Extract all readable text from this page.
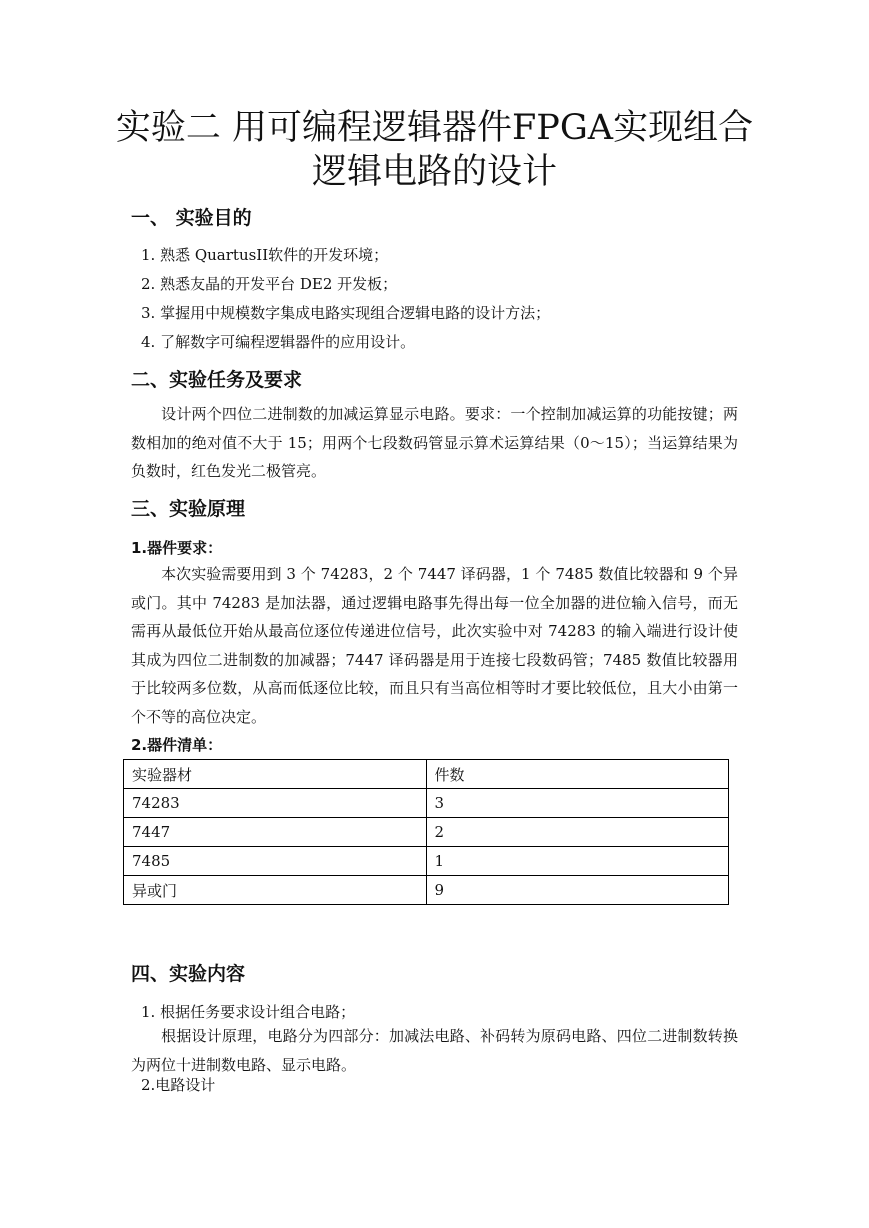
实验二 用可编程逻辑器件FPGA实现组合
逻辑电路的设计
一、 实验目的
1. 熟悉 QuartusII软件的开发环境；
2. 熟悉友晶的开发平台 DE2 开发板；
3. 掌握用中规模数字集成电路实现组合逻辑电路的设计方法；
4. 了解数字可编程逻辑器件的应用设计。
二、实验任务及要求
设计两个四位二进制数的加减运算显示电路。要求：一个控制加减运算的功能按键；两数相加的绝对值不大于 15；用两个七段数码管显示算术运算结果（0～15）；当运算结果为负数时，红色发光二极管亮。
三、实验原理
1.器件要求：
本次实验需要用到 3 个 74283，2 个 7447 译码器，1 个 7485 数值比较器和 9 个异或门。其中 74283 是加法器，通过逻辑电路事先得出每一位全加器的进位输入信号，而无需再从最低位开始从最高位逐位传递进位信号，此次实验中对 74283 的输入端进行设计使其成为四位二进制数的加减器；7447 译码器是用于连接七段数码管；7485 数值比较器用于比较两多位数，从高而低逐位比较，而且只有当高位相等时才要比较低位，且大小由第一个不等的高位决定。
2.器件清单：
实验器材	件数
74283	3
7447	2
7485	1
异或门	9
四、实验内容
1. 根据任务要求设计组合电路；
根据设计原理，电路分为四部分：加减法电路、补码转为原码电路、四位二进制数转换为两位十进制数电路、显示电路。
2.电路设计
